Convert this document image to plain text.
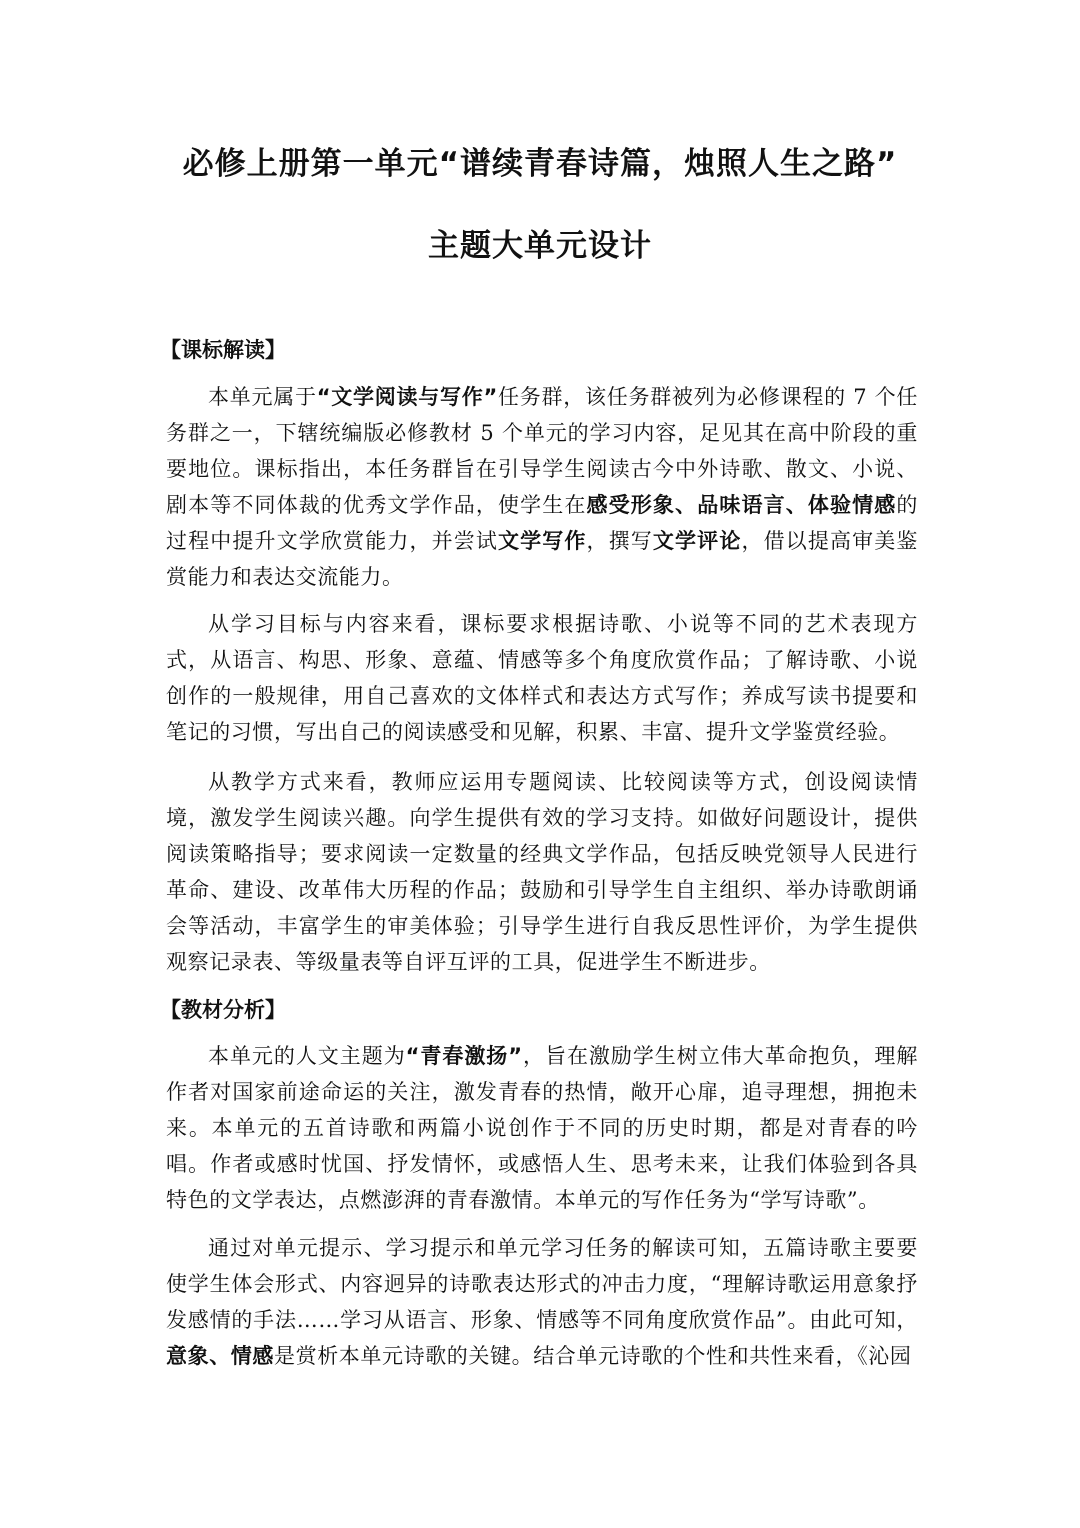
必修上册第一单元“谱续青春诗篇，烛照人生之路”
主题大单元设计
【课标解读】

本单元属于“文学阅读与写作”任务群，该任务群被列为必修课程的 7 个任务群之一，下辖统编版必修教材 5 个单元的学习内容，足见其在高中阶段的重要地位。课标指出，本任务群旨在引导学生阅读古今中外诗歌、散文、小说、剧本等不同体裁的优秀文学作品，使学生在感受形象、品味语言、体验情感的过程中提升文学欣赏能力，并尝试文学写作，撰写文学评论，借以提高审美鉴赏能力和表达交流能力。

从学习目标与内容来看，课标要求根据诗歌、小说等不同的艺术表现方式，从语言、构思、形象、意蕴、情感等多个角度欣赏作品；了解诗歌、小说创作的一般规律，用自己喜欢的文体样式和表达方式写作；养成写读书提要和笔记的习惯，写出自己的阅读感受和见解，积累、丰富、提升文学鉴赏经验。

从教学方式来看，教师应运用专题阅读、比较阅读等方式，创设阅读情境，激发学生阅读兴趣。向学生提供有效的学习支持。如做好问题设计，提供阅读策略指导；要求阅读一定数量的经典文学作品，包括反映党领导人民进行革命、建设、改革伟大历程的作品；鼓励和引导学生自主组织、举办诗歌朗诵会等活动，丰富学生的审美体验；引导学生进行自我反思性评价，为学生提供观察记录表、等级量表等自评互评的工具，促进学生不断进步。

【教材分析】

本单元的人文主题为“青春激扬”，旨在激励学生树立伟大革命抱负，理解作者对国家前途命运的关注，激发青春的热情，敞开心扉，追寻理想，拥抱未来。本单元的五首诗歌和两篇小说创作于不同的历史时期，都是对青春的吟唱。作者或感时忧国、抒发情怀，或感悟人生、思考未来，让我们体验到各具特色的文学表达，点燃澎湃的青春激情。本单元的写作任务为“学写诗歌”。

通过对单元提示、学习提示和单元学习任务的解读可知，五篇诗歌主要要使学生体会形式、内容迥异的诗歌表达形式的冲击力度，“理解诗歌运用意象抒发感情的手法……学习从语言、形象、情感等不同角度欣赏作品”。由此可知，意象、情感是赏析本单元诗歌的关键。结合单元诗歌的个性和共性来看，《沁园
